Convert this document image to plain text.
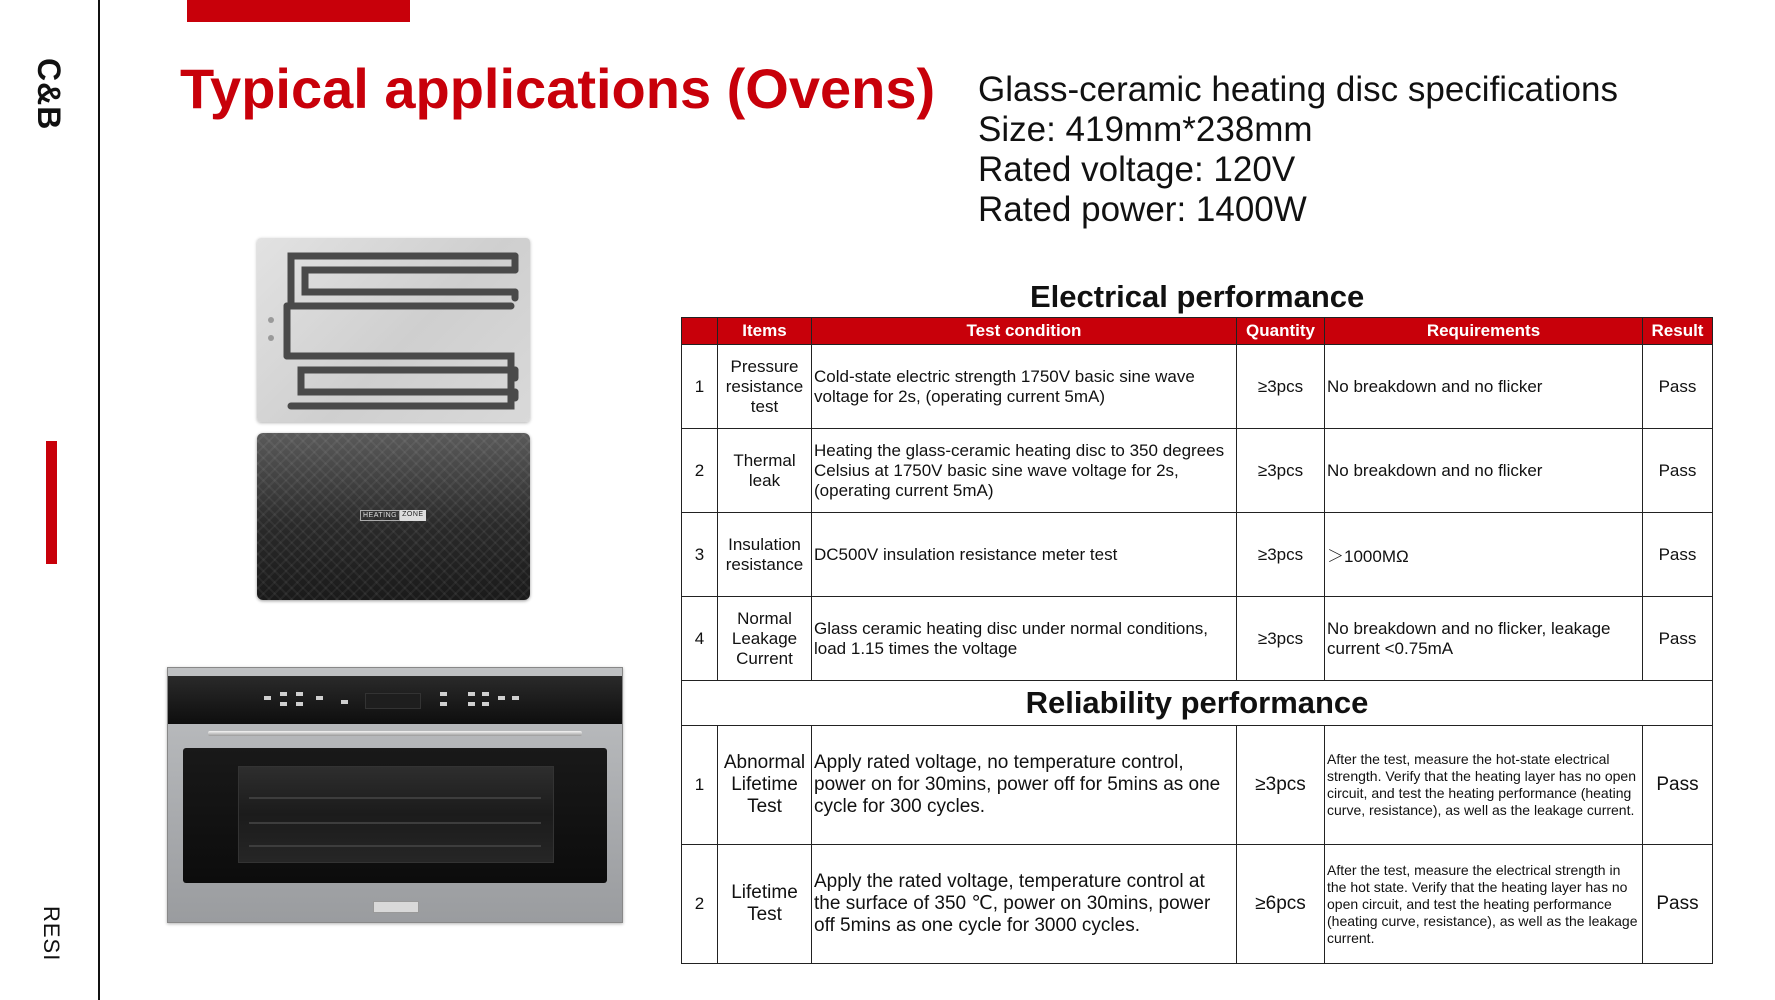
C&B
RESI
Typical applications (Ovens) Glass-ceramic heating disc specifications
Size: 419mm*238mm
Rated voltage: 120V
Rated power: 1400W
HEATING ZONE
Electrical performance
	Items	Test condition	Quantity	Requirements	Result
1	Pressure resistance test	Cold-state electric strength 1750V basic sine wave voltage for 2s, (operating current 5mA)	≥3pcs	No breakdown and no flicker	Pass
2	Thermal leak	Heating the glass-ceramic heating disc to 350 degrees Celsius at 1750V basic sine wave voltage for 2s, (operating current 5mA)	≥3pcs	No breakdown and no flicker	Pass
3	Insulation resistance	DC500V insulation resistance meter test	≥3pcs	＞1000MΩ	Pass
4	Normal Leakage Current	Glass ceramic heating disc under normal conditions, load 1.15 times the voltage	≥3pcs	No breakdown and no flicker, leakage current <0.75mA	Pass
Reliability performance					
1	Abnormal Lifetime Test	Apply rated voltage, no temperature control, power on for 30mins, power off for 5mins as one cycle for 300 cycles.	≥3pcs	After the test, measure the hot-state electrical strength. Verify that the heating layer has no open circuit, and test the heating performance (heating curve, resistance), as well as the leakage current.	Pass
2	Lifetime Test	Apply the rated voltage, temperature control at the surface of 350 ℃, power on 30mins, power off 5mins as one cycle for 3000 cycles.	≥6pcs	After the test, measure the electrical strength in the hot state. Verify that the heating layer has no open circuit, and test the heating performance (heating curve, resistance), as well as the leakage current.	Pass
